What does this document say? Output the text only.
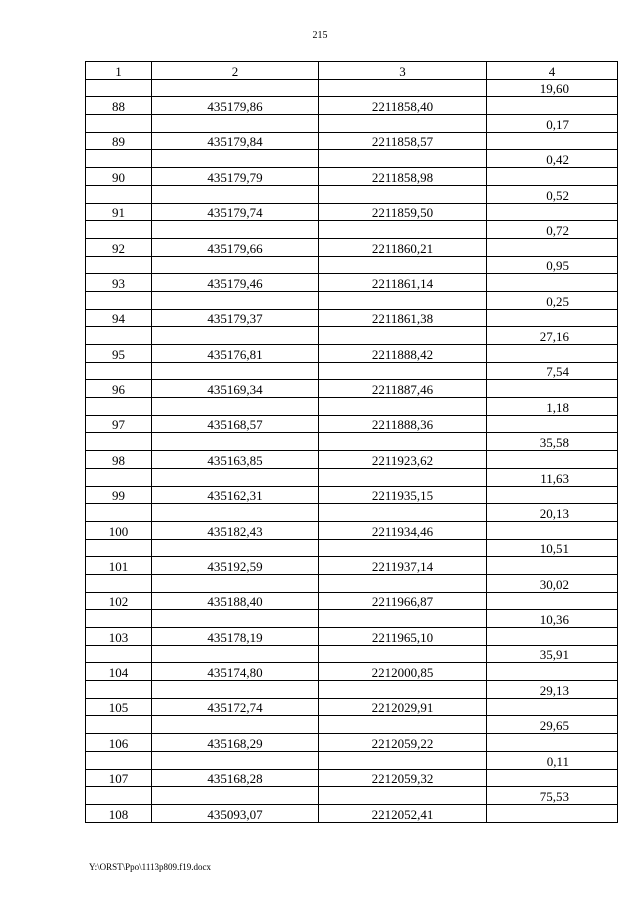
215
1	2	3	4
			19,60
88	435179,86	2211858,40	
			0,17
89	435179,84	2211858,57	
			0,42
90	435179,79	2211858,98	
			0,52
91	435179,74	2211859,50	
			0,72
92	435179,66	2211860,21	
			0,95
93	435179,46	2211861,14	
			0,25
94	435179,37	2211861,38	
			27,16
95	435176,81	2211888,42	
			7,54
96	435169,34	2211887,46	
			1,18
97	435168,57	2211888,36	
			35,58
98	435163,85	2211923,62	
			11,63
99	435162,31	2211935,15	
			20,13
100	435182,43	2211934,46	
			10,51
101	435192,59	2211937,14	
			30,02
102	435188,40	2211966,87	
			10,36
103	435178,19	2211965,10	
			35,91
104	435174,80	2212000,85	
			29,13
105	435172,74	2212029,91	
			29,65
106	435168,29	2212059,22	
			0,11
107	435168,28	2212059,32	
			75,53
108	435093,07	2212052,41	
Y:\ORST\Ppo\1113p809.f19.docx
